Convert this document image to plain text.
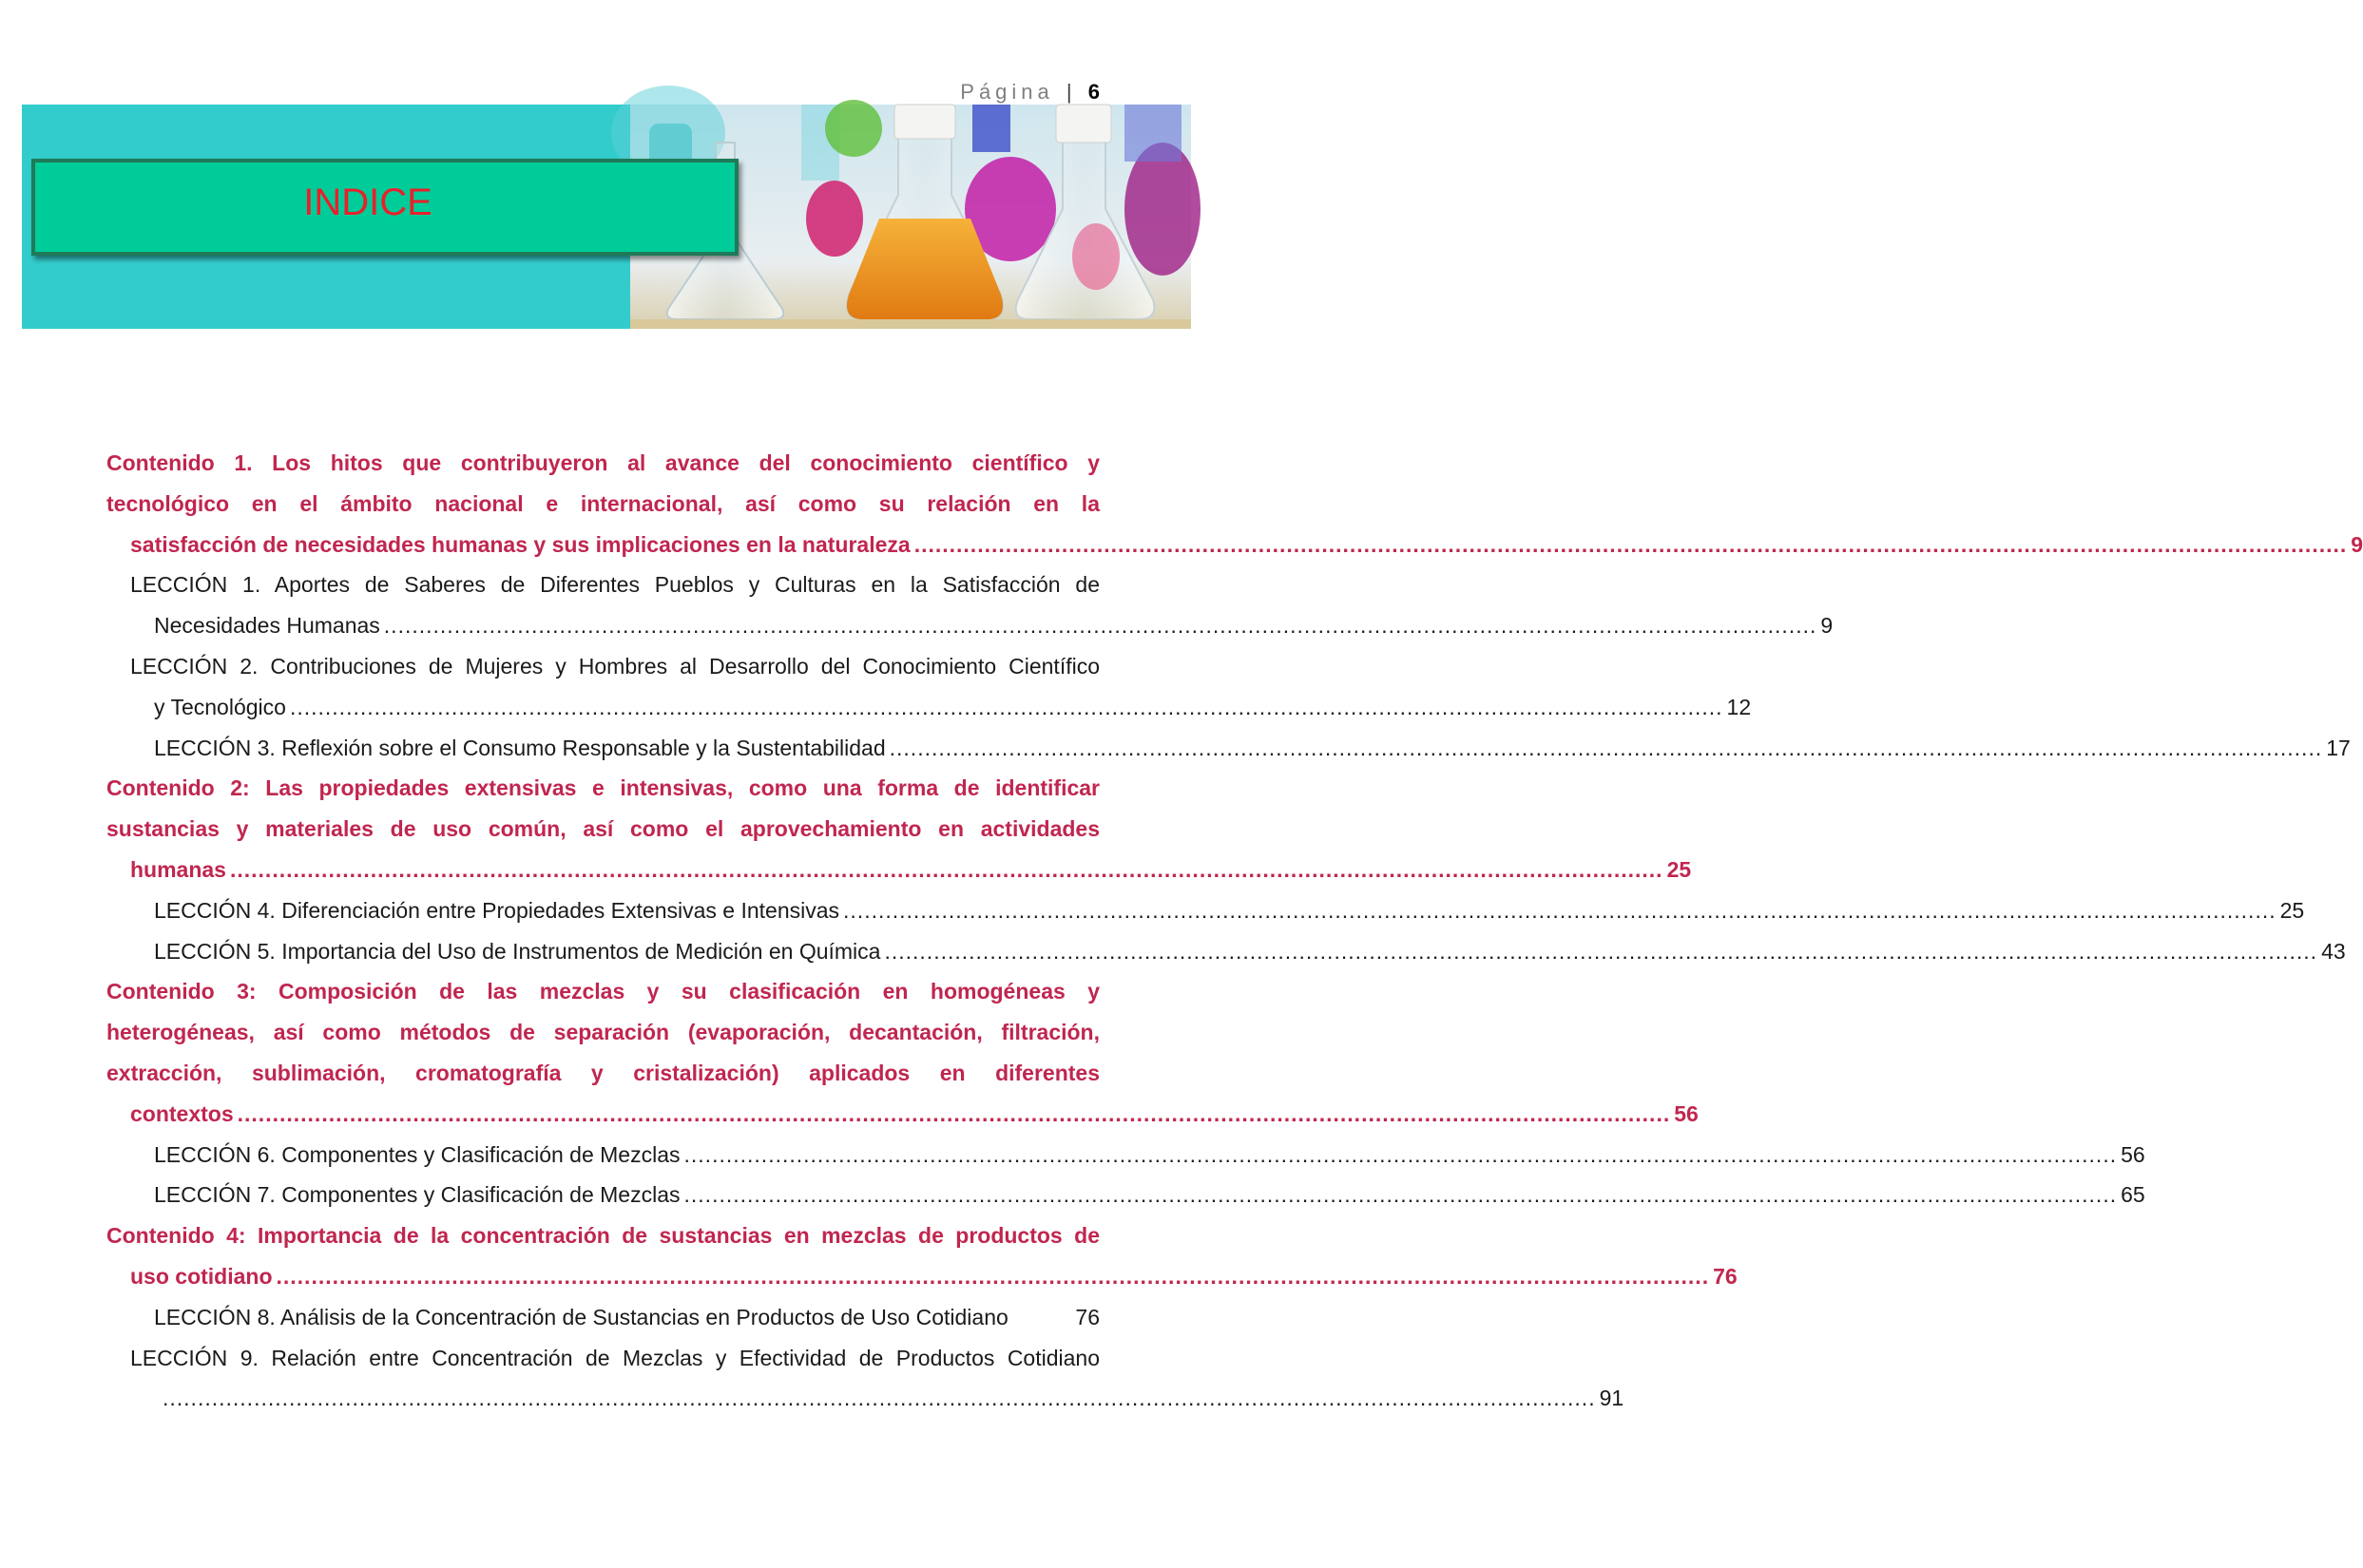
Página | 6
INDICE
Contenido 1. Los hitos que contribuyeron al avance del conocimiento científico y
tecnológico en el ámbito nacional e internacional, así como su relación en la
satisfacción de necesidades humanas y sus implicaciones en la naturaleza ............................................................................................................................................................................................................ 9
LECCIÓN 1. Aportes de Saberes de Diferentes Pueblos y Culturas en la Satisfacción de
Necesidades Humanas ............................................................................................................................................................................................................ 9
LECCIÓN 2. Contribuciones de Mujeres y Hombres al Desarrollo del Conocimiento Científico
y Tecnológico ............................................................................................................................................................................................................ 12
LECCIÓN 3. Reflexión sobre el Consumo Responsable y la Sustentabilidad ............................................................................................................................................................................................................ 17
Contenido 2: Las propiedades extensivas e intensivas, como una forma de identificar
sustancias y materiales de uso común, así como el aprovechamiento en actividades
humanas ............................................................................................................................................................................................................ 25
LECCIÓN 4. Diferenciación entre Propiedades Extensivas e Intensivas ............................................................................................................................................................................................................ 25
LECCIÓN 5. Importancia del Uso de Instrumentos de Medición en Química ............................................................................................................................................................................................................ 43
Contenido 3: Composición de las mezclas y su clasificación en homogéneas y
heterogéneas, así como métodos de separación (evaporación, decantación, filtración,
extracción, sublimación, cromatografía y cristalización) aplicados en diferentes
contextos ............................................................................................................................................................................................................ 56
LECCIÓN 6. Componentes y Clasificación de Mezclas ............................................................................................................................................................................................................ 56
LECCIÓN 7. Componentes y Clasificación de Mezclas ............................................................................................................................................................................................................ 65
Contenido 4: Importancia de la concentración de sustancias en mezclas de productos de
uso cotidiano ............................................................................................................................................................................................................ 76
LECCIÓN 8. Análisis de la Concentración de Sustancias en Productos de Uso Cotidiano	76
LECCIÓN 9. Relación entre Concentración de Mezclas y Efectividad de Productos Cotidiano
............................................................................................................................................................................................................ 91
